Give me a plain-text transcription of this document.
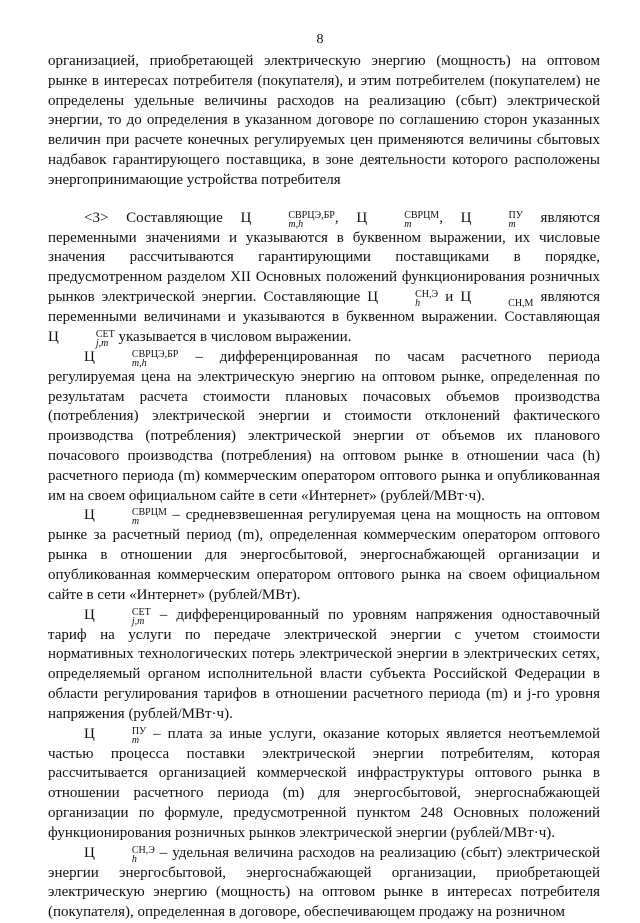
8

организацией, приобретающей электрическую энергию (мощность) на оптовом рынке в интересах потребителя (покупателя), и этим потребителем (покупателем) не определены удельные величины расходов на реализацию (сбыт) электрической энергии, то до определения в указанном договоре по соглашению сторон указанных величин при расчете конечных регулируемых цен применяются величины сбытовых надбавок гарантирующего поставщика, в зоне деятельности которого расположены энергопринимающие устройства потребителя

<3> Составляющие Ц	СВРЦЭ,БР
m,h	, Ц	СВРЦМ
m	, Ц	ПУ
m	являются переменными значениями и указываются в буквенном выражении, их числовые значения рассчитываются гарантирующими поставщиками в порядке, предусмотренном разделом XII Основных положений функционирования розничных рынков электрической энергии. Составляющие Ц	СН,Э
h	и Ц	СН,М являются переменными величинами и указываются в буквенном выражении. Составляющая Ц	СЕТ
j,m указывается в числовом выражении.

Ц	СВРЦЭ,БР
m,h	– дифференцированная по часам расчетного периода регулируемая цена на электрическую энергию на оптовом рынке, определенная по результатам расчета стоимости плановых почасовых объемов производства (потребления) электрической энергии и стоимости отклонений фактического производства (потребления) электрической энергии от объемов их планового почасового производства (потребления) на оптовом рынке в отношении часа (h) расчетного периода (m) коммерческим оператором оптового рынка и опубликованная им на своем официальном сайте в сети «Интернет» (рублей/МВт·ч).

Ц	СВРЦМ
m	– средневзвешенная регулируемая цена на мощность на оптовом рынке за расчетный период (m), определенная коммерческим оператором оптового рынка в отношении для энергосбытовой, энергоснабжающей организации и опубликованная коммерческим оператором оптового рынка на своем официальном сайте в сети «Интернет» (рублей/МВт).

Ц	СЕТ
j,m	– дифференцированный по уровням напряжения одноставочный тариф на услуги по передаче электрической энергии с учетом стоимости нормативных технологических потерь электрической энергии в электрических сетях, определяемый органом исполнительной власти субъекта Российской Федерации в области регулирования тарифов в отношении расчетного периода (m) и j-го уровня напряжения (рублей/МВт·ч).

Ц	ПУ
m – плата за иные услуги, оказание которых является неотъемлемой частью процесса поставки электрической энергии потребителям, которая рассчитывается организацией коммерческой инфраструктуры оптового рынка в отношении расчетного периода (m) для энергосбытовой, энергоснабжающей организации по формуле, предусмотренной пунктом 248 Основных положений функционирования розничных рынков электрической энергии (рублей/МВт·ч).

Ц	СН,Э
h	– удельная величина расходов на реализацию (сбыт) электрической энергии энергосбытовой, энергоснабжающей организации, приобретающей электрическую энергию (мощность) на оптовом рынке в интересах потребителя (покупателя), определенная в договоре, обеспечивающем продажу на розничном
